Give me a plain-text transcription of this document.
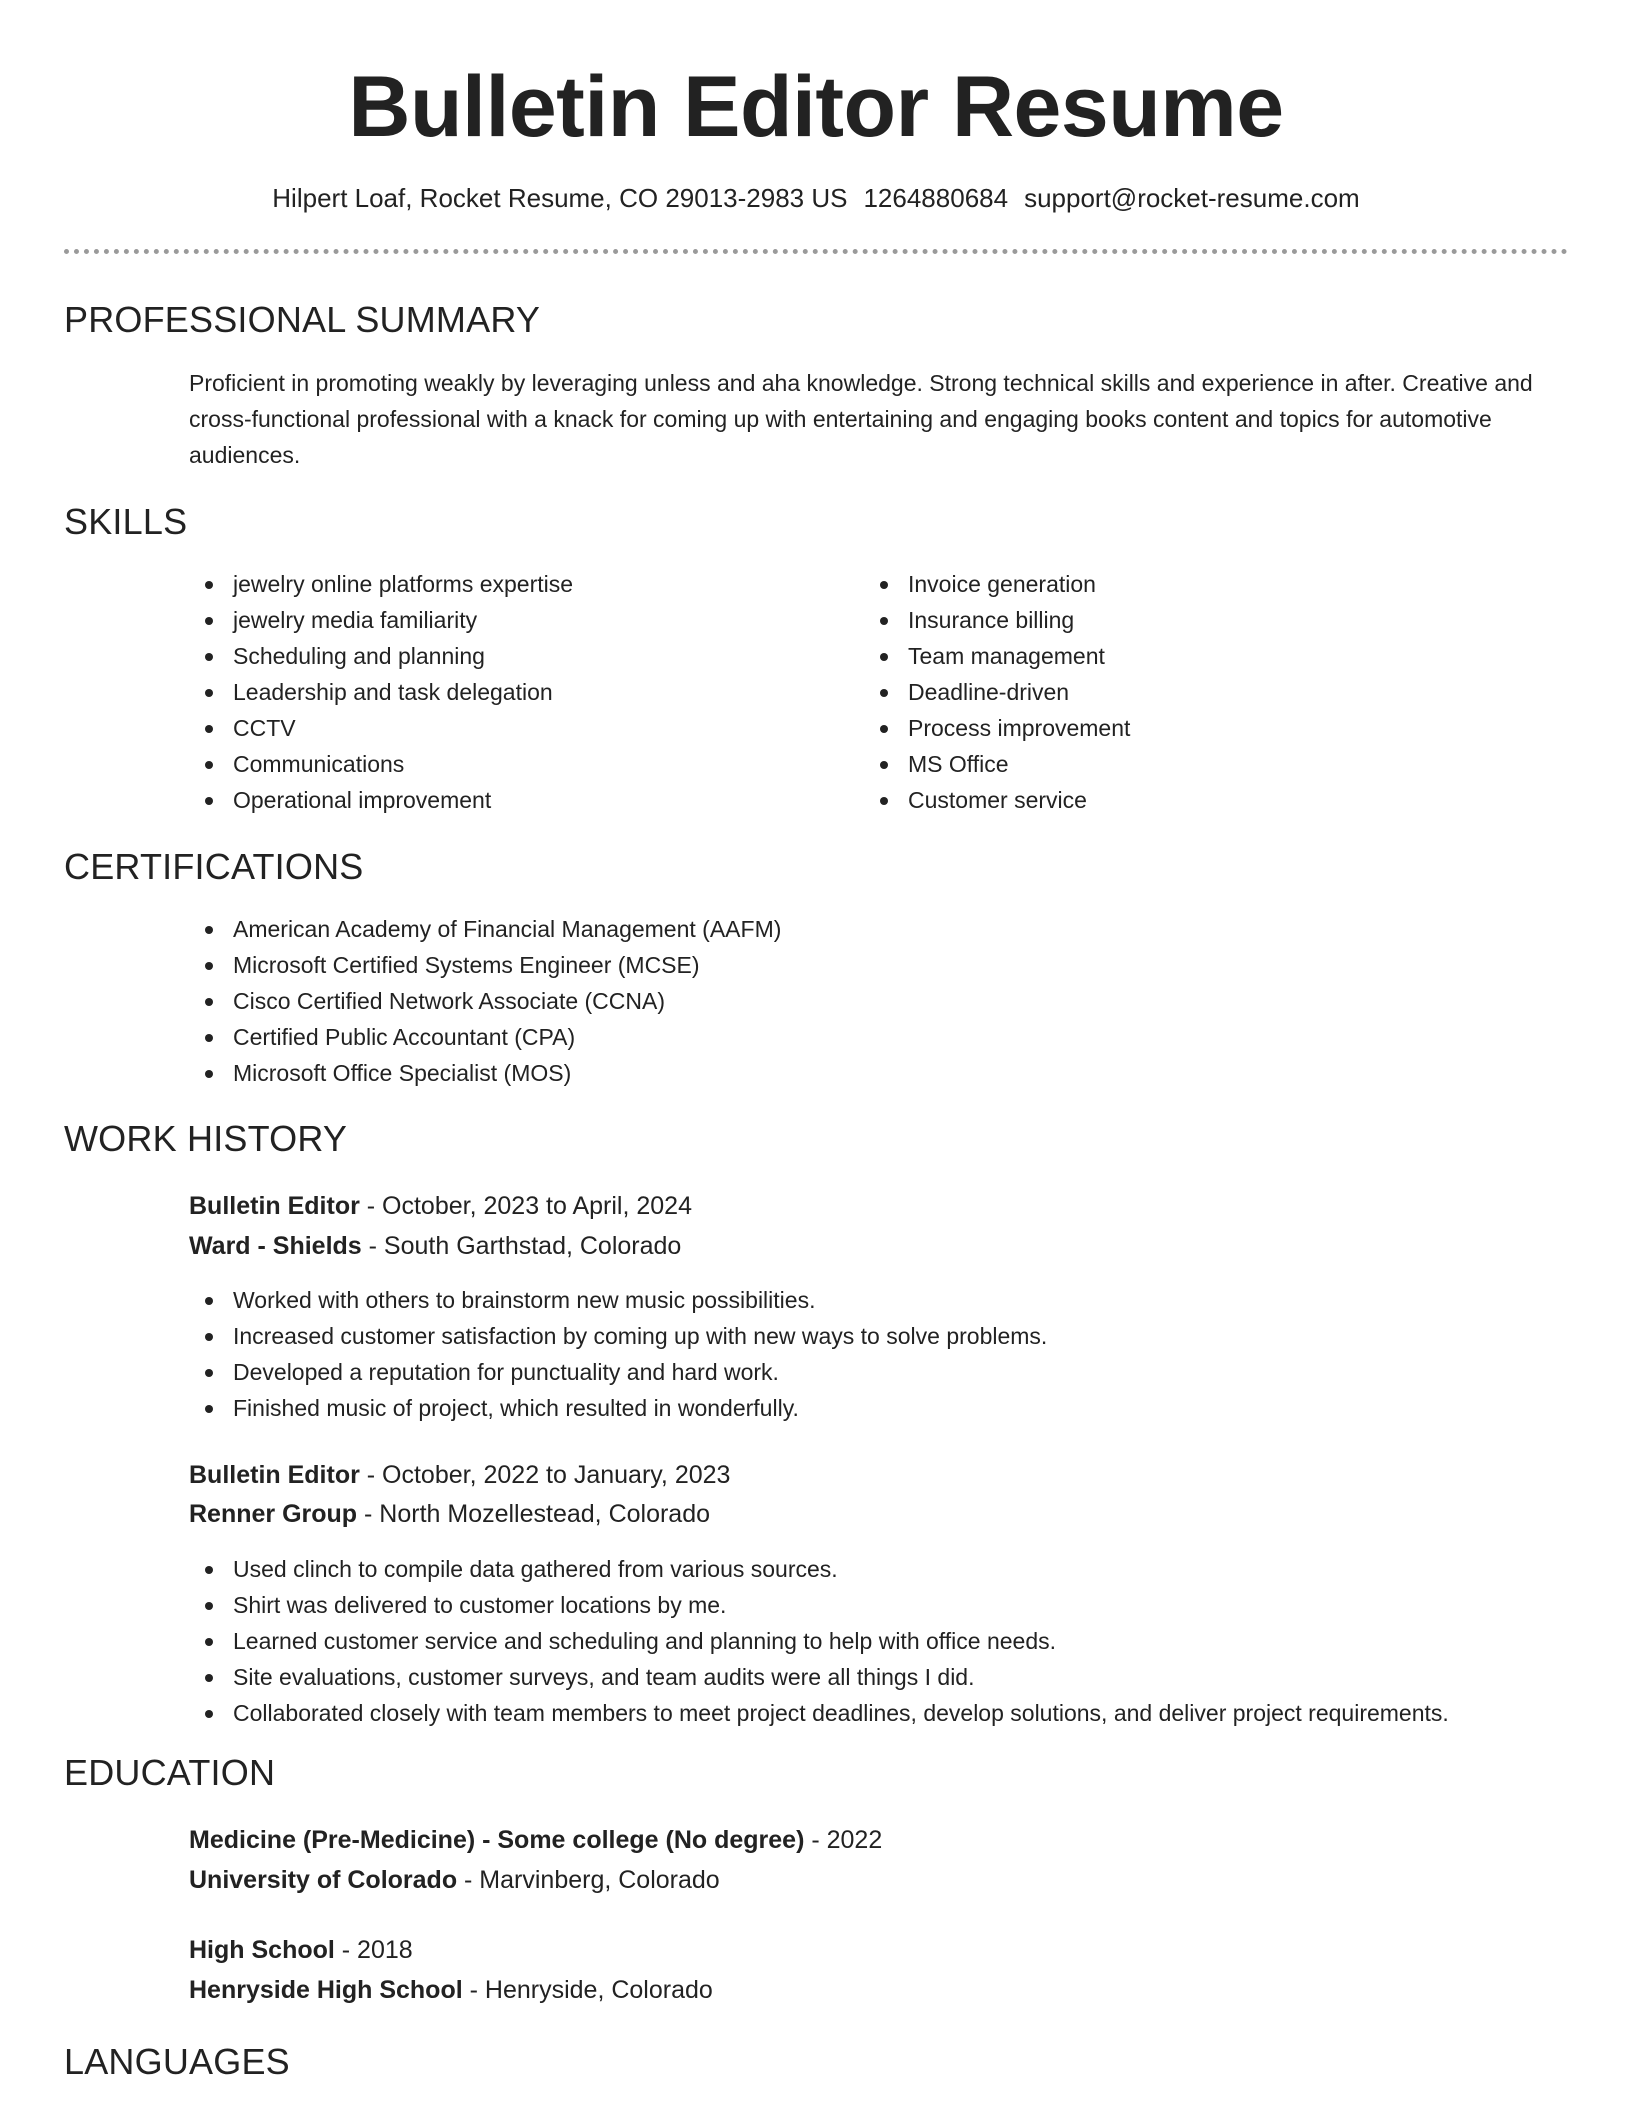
Bulletin Editor Resume
Hilpert Loaf, Rocket Resume, CO 29013-2983 US 1264880684 support@rocket-resume.com
PROFESSIONAL SUMMARY
Proficient in promoting weakly by leveraging unless and aha knowledge. Strong technical skills and experience in after. Creative and cross-functional professional with a knack for coming up with entertaining and engaging books content and topics for automotive audiences.
SKILLS
jewelry online platforms expertise
jewelry media familiarity
Scheduling and planning
Leadership and task delegation
CCTV
Communications
Operational improvement
Invoice generation
Insurance billing
Team management
Deadline-driven
Process improvement
MS Office
Customer service
CERTIFICATIONS
American Academy of Financial Management (AAFM)
Microsoft Certified Systems Engineer (MCSE)
Cisco Certified Network Associate (CCNA)
Certified Public Accountant (CPA)
Microsoft Office Specialist (MOS)
WORK HISTORY
Bulletin Editor - October, 2023 to April, 2024
Ward - Shields - South Garthstad, Colorado
Worked with others to brainstorm new music possibilities.
Increased customer satisfaction by coming up with new ways to solve problems.
Developed a reputation for punctuality and hard work.
Finished music of project, which resulted in wonderfully.
Bulletin Editor - October, 2022 to January, 2023
Renner Group - North Mozellestead, Colorado
Used clinch to compile data gathered from various sources.
Shirt was delivered to customer locations by me.
Learned customer service and scheduling and planning to help with office needs.
Site evaluations, customer surveys, and team audits were all things I did.
Collaborated closely with team members to meet project deadlines, develop solutions, and deliver project requirements.
EDUCATION
Medicine (Pre-Medicine) - Some college (No degree) - 2022
University of Colorado - Marvinberg, Colorado
High School - 2018
Henryside High School - Henryside, Colorado
LANGUAGES
